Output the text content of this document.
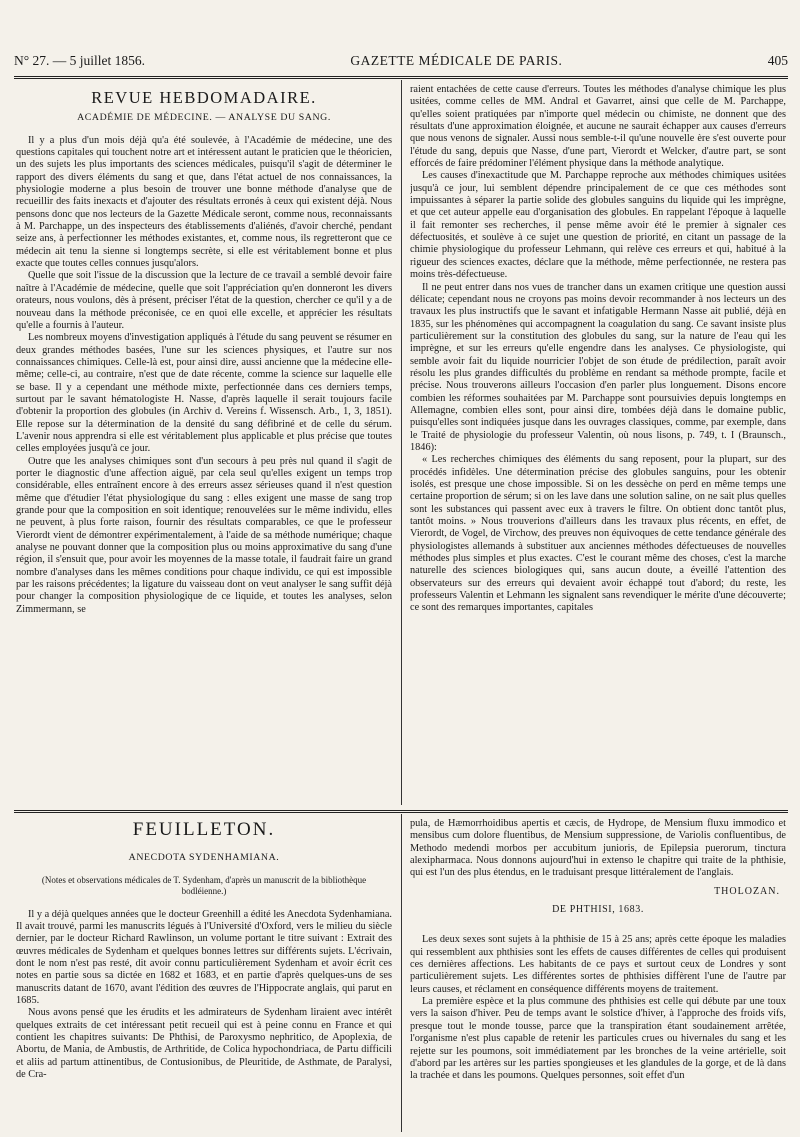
N° 27. — 5 juillet 1856.	GAZETTE MÉDICALE DE PARIS.	405
REVUE HEBDOMADAIRE.
ACADÉMIE DE MÉDECINE. — ANALYSE DU SANG.

Il y a plus d'un mois déjà qu'a été soulevée, à l'Académie de médecine, une des questions capitales qui touchent notre art et intéressent autant le praticien que le théoricien, un des sujets les plus importants des sciences médicales, puisqu'il s'agit de déterminer le rapport des divers éléments du sang et que, dans l'état actuel de nos connaissances, la physiologie moderne a plus besoin de trouver une bonne méthode d'analyse que de recueillir des faits inexacts et d'ajouter des résultats erronés à ceux qui existent déjà. Nous pensons donc que nos lecteurs de la Gazette Médicale seront, comme nous, reconnaissants à M. Parchappe, un des inspecteurs des établissements d'aliénés, d'avoir cherché, pendant seize ans, à perfectionner les méthodes existantes, et, comme nous, ils regretteront que ce médecin ait tenu la sienne si longtemps secrète, si elle est véritablement bonne et plus exacte que toutes celles connues jusqu'alors.

Quelle que soit l'issue de la discussion que la lecture de ce travail a semblé devoir faire naître à l'Académie de médecine, quelle que soit l'appréciation qu'en donneront les divers orateurs, nous voulons, dès à présent, préciser l'état de la question, chercher ce qu'il y a de nouveau dans la méthode préconisée, ce en quoi elle excelle, et apprécier les résultats qu'elle a fournis à l'auteur.

Les nombreux moyens d'investigation appliqués à l'étude du sang peuvent se résumer en deux grandes méthodes basées, l'une sur les sciences physiques, et l'autre sur nos connaissances chimiques. Celle-là est, pour ainsi dire, aussi ancienne que la médecine elle-même; celle-ci, au contraire, n'est que de date récente, comme la science sur laquelle elle se base. Il y a cependant une méthode mixte, perfectionnée dans ces derniers temps, surtout par le savant hématologiste H. Nasse, d'après laquelle il serait toujours facile d'obtenir la proportion des globules (in Archiv d. Vereins f. Wissensch. Arb., 1, 3, 1851). Elle repose sur la détermination de la densité du sang défibriné et de celle du sérum. L'avenir nous apprendra si elle est véritablement plus applicable et plus précise que toutes celles employées jusqu'à ce jour.

Outre que les analyses chimiques sont d'un secours à peu près nul quand il s'agit de porter le diagnostic d'une affection aiguë, par cela seul qu'elles exigent un temps trop considérable, elles entraînent encore à des erreurs assez sérieuses quand il n'est question même que d'étudier l'état physiologique du sang : elles exigent une masse de sang trop grande pour que la composition en soit identique; renouvelées sur le même individu, elles ne peuvent, à plus forte raison, fournir des résultats comparables, ce que le professeur Vierordt vient de démontrer expérimentalement, à l'aide de sa méthode numérique; chaque analyse ne pouvant donner que la composition plus ou moins approximative du sang d'une région, il s'ensuit que, pour avoir les moyennes de la masse totale, il faudrait faire un grand nombre d'analyses dans les mêmes conditions pour chaque individu, ce qui est impossible par les raisons précédentes; la ligature du vaisseau dont on veut analyser le sang suffit déjà pour changer la composition physiologique de ce liquide, et toutes les analyses, selon Zimmermann, se

raient entachées de cette cause d'erreurs. Toutes les méthodes d'analyse chimique les plus usitées, comme celles de MM. Andral et Gavarret, ainsi que celle de M. Parchappe, qu'elles soient pratiquées par n'importe quel médecin ou chimiste, ne donnent que des résultats d'une approximation éloignée, et aucune ne saurait échapper aux causes d'erreurs que nous venons de signaler. Aussi nous semble-t-il qu'une nouvelle ère s'est ouverte pour l'étude du sang, depuis que Nasse, d'une part, Vierordt et Welcker, d'autre part, se sont efforcés de faire prédominer l'élément physique dans la méthode analytique.

Les causes d'inexactitude que M. Parchappe reproche aux méthodes chimiques usitées jusqu'à ce jour, lui semblent dépendre principalement de ce que ces méthodes sont impuissantes à séparer la partie solide des globules sanguins du liquide qui les imprègne, et que cet auteur appelle eau d'organisation des globules. En rappelant l'époque à laquelle il fait remonter ses recherches, il pense même avoir été le premier à signaler ces défectuosités, et soulève à ce sujet une question de priorité, en citant un passage de la chimie physiologique du professeur Lehmann, qui relève ces erreurs et qui, habitué à la rigueur des sciences exactes, déclare que la méthode, même perfectionnée, ne restera pas moins très-défectueuse.

Il ne peut entrer dans nos vues de trancher dans un examen critique une question aussi délicate; cependant nous ne croyons pas moins devoir recommander à nos lecteurs un des travaux les plus instructifs que le savant et infatigable Hermann Nasse ait publié, déjà en 1835, sur les phénomènes qui accompagnent la coagulation du sang. Ce savant insiste plus particulièrement sur la constitution des globules du sang, sur la nature de l'eau qui les imprègne, et sur les erreurs qu'elle engendre dans les analyses. Ce physiologiste, qui semble avoir fait du liquide nourricier l'objet de son étude de prédilection, paraît avoir résolu les plus grandes difficultés du problème en rendant sa méthode prompte, facile et précise. Nous trouverons ailleurs l'occasion d'en parler plus longuement. Disons encore combien les réformes souhaitées par M. Parchappe sont poursuivies depuis longtemps en Allemagne, combien elles sont, pour ainsi dire, tombées déjà dans le domaine public, puisqu'elles sont indiquées jusque dans les ouvrages classiques, comme, par exemple, dans le Traité de physiologie du professeur Valentin, où nous lisons, p. 749, t. I (Braunsch., 1846):

« Les recherches chimiques des éléments du sang reposent, pour la plupart, sur des procédés infidèles. Une détermination précise des globules sanguins, pour les obtenir isolés, est presque une chose impossible. Si on les dessèche on perd en même temps une certaine proportion de sérum; si on les lave dans une solution saline, on ne sait plus quelles sont les substances qui passent avec eux à travers le filtre. On obtient donc tantôt plus, tantôt moins. » Nous trouverions d'ailleurs dans les travaux plus récents, en effet, de Vierordt, de Vogel, de Virchow, des preuves non équivoques de cette tendance générale des physiologistes allemands à substituer aux anciennes méthodes défectueuses de nouvelles méthodes plus simples et plus exactes. C'est le courant même des choses, c'est la marche naturelle des sciences biologiques qui, sans aucun doute, a éveillé l'attention des observateurs sur des erreurs qui devaient avoir échappé tout d'abord; du reste, les professeurs Valentin et Lehmann les signalent sans revendiquer le mérite d'une découverte; ce sont des remarques importantes, capitales

FEUILLETON.
ANECDOTA SYDENHAMIANA.
(Notes et observations médicales de T. Sydenham, d'après un manuscrit de la bibliothèque bodléienne.)

Il y a déjà quelques années que le docteur Greenhill a édité les Anecdota Sydenhamiana. Il avait trouvé, parmi les manuscrits légués à l'Université d'Oxford, vers le milieu du siècle dernier, par le docteur Richard Rawlinson, un volume portant le titre suivant : Extrait des œuvres médicales de Sydenham et quelques bonnes lettres sur différents sujets. L'écrivain, dont le nom n'est pas resté, dit avoir connu particulièrement Sydenham et avoir écrit ces notes en partie sous sa dictée en 1682 et 1683, et en partie d'après quelques-uns de ses manuscrits datant de 1670, avant l'édition des œuvres de l'Hippocrate anglais, qui parut en 1685.

Nous avons pensé que les érudits et les admirateurs de Sydenham liraient avec intérêt quelques extraits de cet intéressant petit recueil qui est à peine connu en France et qui contient les chapitres suivants: De Phthisi, de Paroxysmo nephritico, de Apoplexia, de Abortu, de Mania, de Ambustis, de Arthritide, de Colica hypochondriaca, de Partu difficili et aliis ad partum attinentibus, de Contusionibus, de Pleuritide, de Asthmate, de Paralysi, de Cra-

pula, de Hæmorrhoidibus apertis et cæcis, de Hydrope, de Mensium fluxu immodico et mensibus cum dolore fluentibus, de Mensium suppressione, de Variolis confluentibus, de Methodo medendi morbos per accubitum junioris, de Epilepsia puerorum, tinctura alexipharmaca. Nous donnons aujourd'hui in extenso le chapitre qui traite de la phthisie, qui est l'un des plus étendus, en le traduisant presque littéralement de l'anglais.

THOLOZAN.
DE PHTHISI, 1683.

Les deux sexes sont sujets à la phthisie de 15 à 25 ans; après cette époque les maladies qui ressemblent aux phthisies sont les effets de causes différentes de celles qui produisent ces dernières affections. Les habitants de ce pays et surtout ceux de Londres y sont particulièrement sujets. Les différentes sortes de phthisies diffèrent l'une de l'autre par leurs causes, et réclament en conséquence différents moyens de traitement.

La première espèce et la plus commune des phthisies est celle qui débute par une toux vers la saison d'hiver. Peu de temps avant le solstice d'hiver, à l'approche des froids vifs, presque tout le monde tousse, parce que la transpiration étant soudainement arrêtée, l'organisme n'est plus capable de retenir les particules crues ou hivernales du sang et les rejette sur les poumons, soit immédiatement par les bronches de la veine artérielle, soit d'abord par les artères sur les parties spongieuses et les glandules de la gorge, et de là dans la trachée et dans les poumons. Quelques personnes, soit effet d'un
